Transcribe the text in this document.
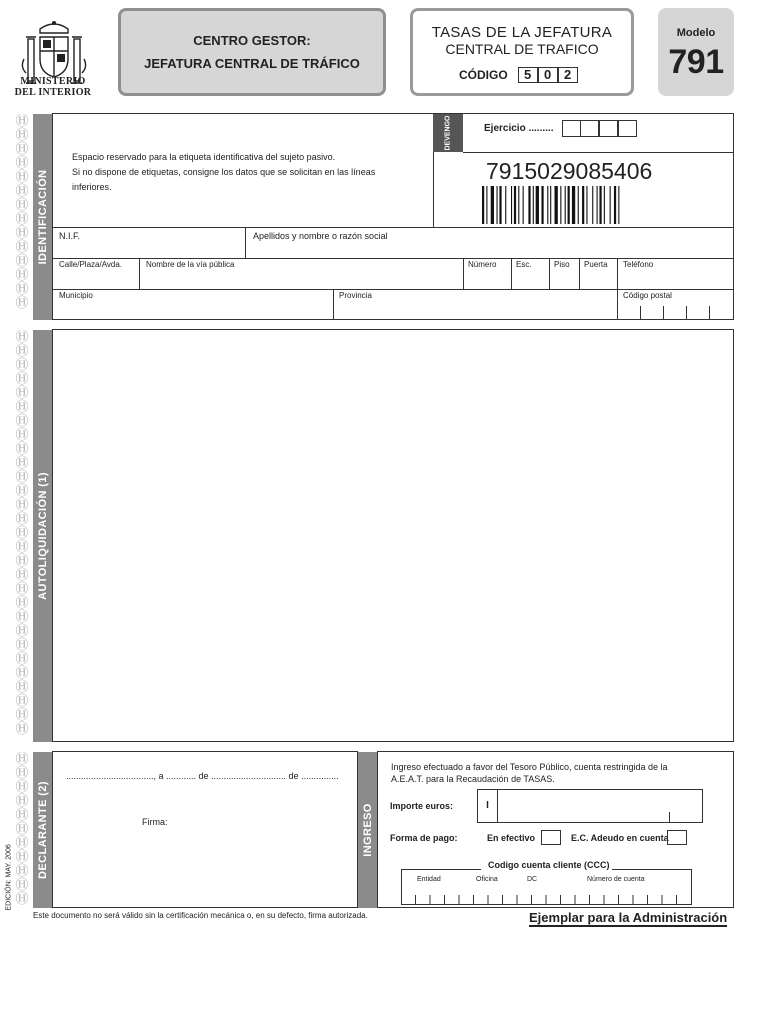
MINISTERIO
DEL INTERIOR
CENTRO GESTOR:
JEFATURA CENTRAL DE TRÁFICO
TASAS DE LA JEFATURA
CENTRAL DE TRAFICO
CÓDIGO	5 0 2
Modelo
791
Ⓗ
Ⓗ
Ⓗ
Ⓗ
Ⓗ
Ⓗ
Ⓗ
Ⓗ
Ⓗ
Ⓗ
Ⓗ
Ⓗ
Ⓗ
Ⓗ
Ⓗ
Ⓗ
Ⓗ
Ⓗ
Ⓗ
Ⓗ
Ⓗ
Ⓗ
Ⓗ
Ⓗ
Ⓗ
Ⓗ
Ⓗ
Ⓗ
Ⓗ
Ⓗ
Ⓗ
Ⓗ
Ⓗ
Ⓗ
Ⓗ
Ⓗ
Ⓗ
Ⓗ
Ⓗ
Ⓗ
Ⓗ
Ⓗ
Ⓗ
Ⓗ
Ⓗ
Ⓗ
Ⓗ
Ⓗ
Ⓗ
Ⓗ
Ⓗ
Ⓗ
Ⓗ
Ⓗ
IDENTIFICACIÓN
Espacio reservado para la etiqueta identificativa del sujeto pasivo.
Si no dispone de etiquetas, consigne los datos que se solicitan en las líneas
inferiores.
DEVENGO	Ejercicio .........
7915029085406
N.I.F.	Apellidos y nombre o razón social
Calle/Plaza/Avda.	Nombre de la vía pública	Número Esc.	Piso Puerta Teléfono
Municipio	Provincia	Código postal
AUTOLIQUIDACIÓN (1)
DECLARANTE (2)
..................................., a ............ de .............................. de ...............
Firma:	INGRESO
Ingreso efectuado a favor del Tesoro Público, cuenta restringida de la
A.E.A.T. para la Recaudación de TASAS.
Importe euros:	I
Forma de pago:	En efectivo	E.C. Adeudo en cuenta
Codigo cuenta cliente (CCC)
Entidad	Oficina	DC	Número de cuenta
EDICIÓN: MAY. 2006
Este documento no será válido sin la certificación mecánica o, en su defecto, firma autorizada.	Ejemplar para la Administración
